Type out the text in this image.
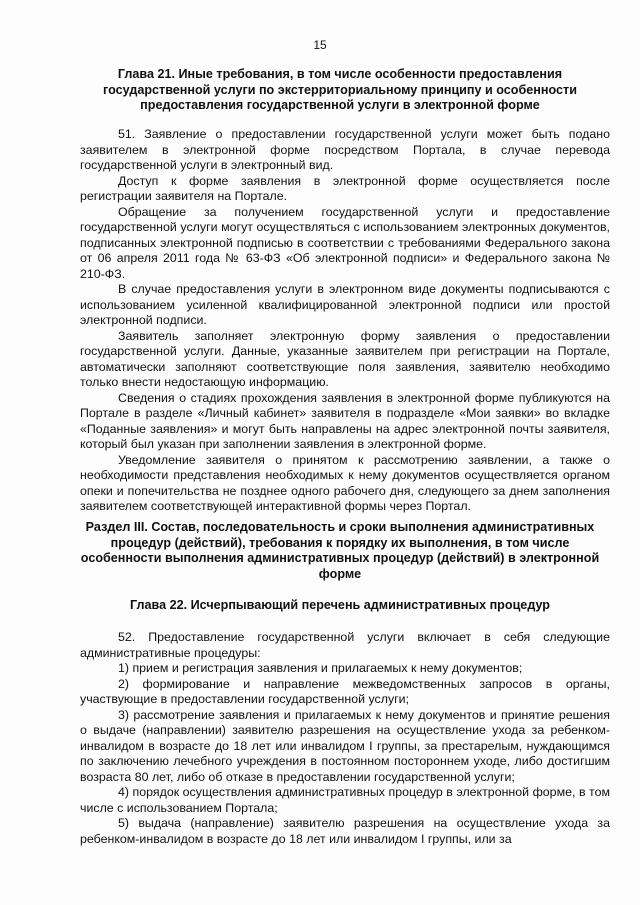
15
Глава 21. Иные требования, в том числе особенности предоставления государственной услуги по экстерриториальному принципу и особенности предоставления государственной услуги в электронной форме

51. Заявление о предоставлении государственной услуги может быть подано заявителем в электронной форме посредством Портала, в случае перевода государственной услуги в электронный вид.

Доступ к форме заявления в электронной форме осуществляется после регистрации заявителя на Портале.

Обращение за получением государственной услуги и предоставление государственной услуги могут осуществляться с использованием электронных документов, подписанных электронной подписью в соответствии с требованиями Федерального закона от 06 апреля 2011 года № 63-ФЗ «Об электронной подписи» и Федерального закона № 210-ФЗ.

В случае предоставления услуги в электронном виде документы подписываются с использованием усиленной квалифицированной электронной подписи или простой электронной подписи.

Заявитель заполняет электронную форму заявления о предоставлении государственной услуги. Данные, указанные заявителем при регистрации на Портале, автоматически заполняют соответствующие поля заявления, заявителю необходимо только внести недостающую информацию.

Сведения о стадиях прохождения заявления в электронной форме публикуются на Портале в разделе «Личный кабинет» заявителя в подразделе «Мои заявки» во вкладке «Поданные заявления» и могут быть направлены на адрес электронной почты заявителя, который был указан при заполнении заявления в электронной форме.

Уведомление заявителя о принятом к рассмотрению заявлении, а также о необходимости представления необходимых к нему документов осуществляется органом опеки и попечительства не позднее одного рабочего дня, следующего за днем заполнения заявителем соответствующей интерактивной формы через Портал.

Раздел III. Состав, последовательность и сроки выполнения административных процедур (действий), требования к порядку их выполнения, в том числе особенности выполнения административных процедур (действий) в электронной форме
Глава 22. Исчерпывающий перечень административных процедур

52. Предоставление государственной услуги включает в себя следующие административные процедуры:

1) прием и регистрация заявления и прилагаемых к нему документов;

2) формирование и направление межведомственных запросов в органы, участвующие в предоставлении государственной услуги;

3) рассмотрение заявления и прилагаемых к нему документов и принятие решения о выдаче (направлении) заявителю разрешения на осуществление ухода за ребенком-инвалидом в возрасте до 18 лет или инвалидом I группы, за престарелым, нуждающимся по заключению лечебного учреждения в постоянном постороннем уходе, либо достигшим возраста 80 лет, либо об отказе в предоставлении государственной услуги;

4) порядок осуществления административных процедур в электронной форме, в том числе с использованием Портала;

5) выдача (направление) заявителю разрешения на осуществление ухода за ребенком-инвалидом в возрасте до 18 лет или инвалидом I группы, или за
